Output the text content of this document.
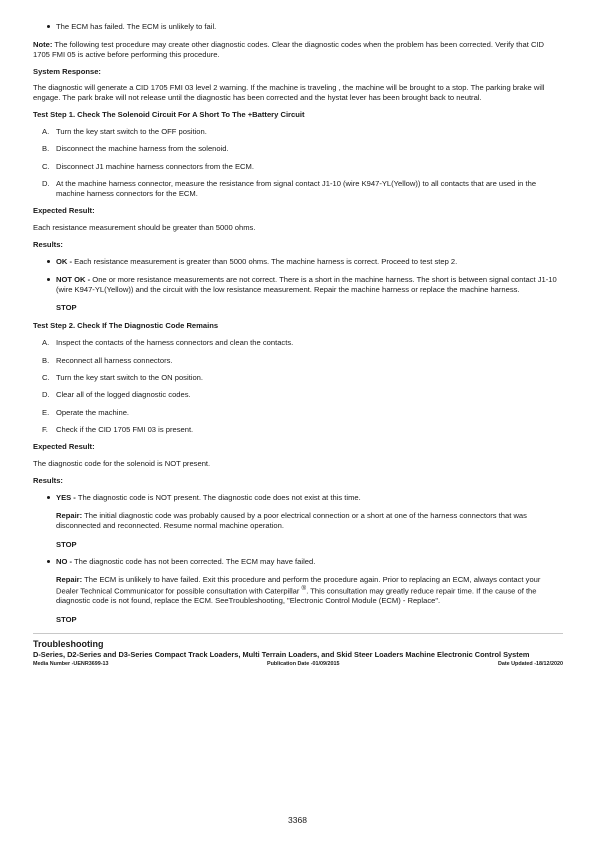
The ECM has failed. The ECM is unlikely to fail.

Note: The following test procedure may create other diagnostic codes. Clear the diagnostic codes when the problem has been corrected. Verify that CID 1705 FMI 05 is active before performing this procedure.

System Response:

The diagnostic will generate a CID 1705 FMI 03 level 2 warning. If the machine is traveling , the machine will be brought to a stop. The parking brake will engage. The park brake will not release until the diagnostic has been corrected and the hystat lever has been brought back to neutral.

Test Step 1. Check The Solenoid Circuit For A Short To The +Battery Circuit

A. Turn the key start switch to the OFF position.
B. Disconnect the machine harness from the solenoid.
C. Disconnect J1 machine harness connectors from the ECM.
D. At the machine harness connector, measure the resistance from signal contact J1-10 (wire K947-YL(Yellow)) to all contacts that are used in the machine harness connectors for the ECM.

Expected Result:

Each resistance measurement should be greater than 5000 ohms.

Results:

OK - Each resistance measurement is greater than 5000 ohms. The machine harness is correct. Proceed to test step 2.
NOT OK - One or more resistance measurements are not correct. There is a short in the machine harness. The short is between signal contact J1-10 (wire K947-YL(Yellow)) and the circuit with the low resistance measurement. Repair the machine harness or replace the machine harness.

STOP

Test Step 2. Check If The Diagnostic Code Remains

A. Inspect the contacts of the harness connectors and clean the contacts.
B. Reconnect all harness connectors.
C. Turn the key start switch to the ON position.
D. Clear all of the logged diagnostic codes.
E. Operate the machine.
F.	Check if the CID 1705 FMI 03 is present.

Expected Result:

The diagnostic code for the solenoid is NOT present.

Results:

YES - The diagnostic code is NOT present. The diagnostic code does not exist at this time.

Repair: The initial diagnostic code was probably caused by a poor electrical connection or a short at one of the harness connectors that was disconnected and reconnected. Resume normal machine operation.

STOP

NO - The diagnostic code has not been corrected. The ECM may have failed.

Repair: The ECM is unlikely to have failed. Exit this procedure and perform the procedure again. Prior to replacing an ECM, always contact your Dealer Technical Communicator for possible consultation with Caterpillar ®. This consultation may greatly reduce repair time. If the cause of the diagnostic code is not found, replace the ECM. SeeTroubleshooting, "Electronic Control Module (ECM) - Replace".

STOP

Troubleshooting

D-Series, D2-Series and D3-Series Compact Track Loaders, Multi Terrain Loaders, and Skid Steer Loaders Machine Electronic Control System

Media Number -UENR3699-13	Publication Date -01/09/2015	Date Updated -18/12/2020
3368
